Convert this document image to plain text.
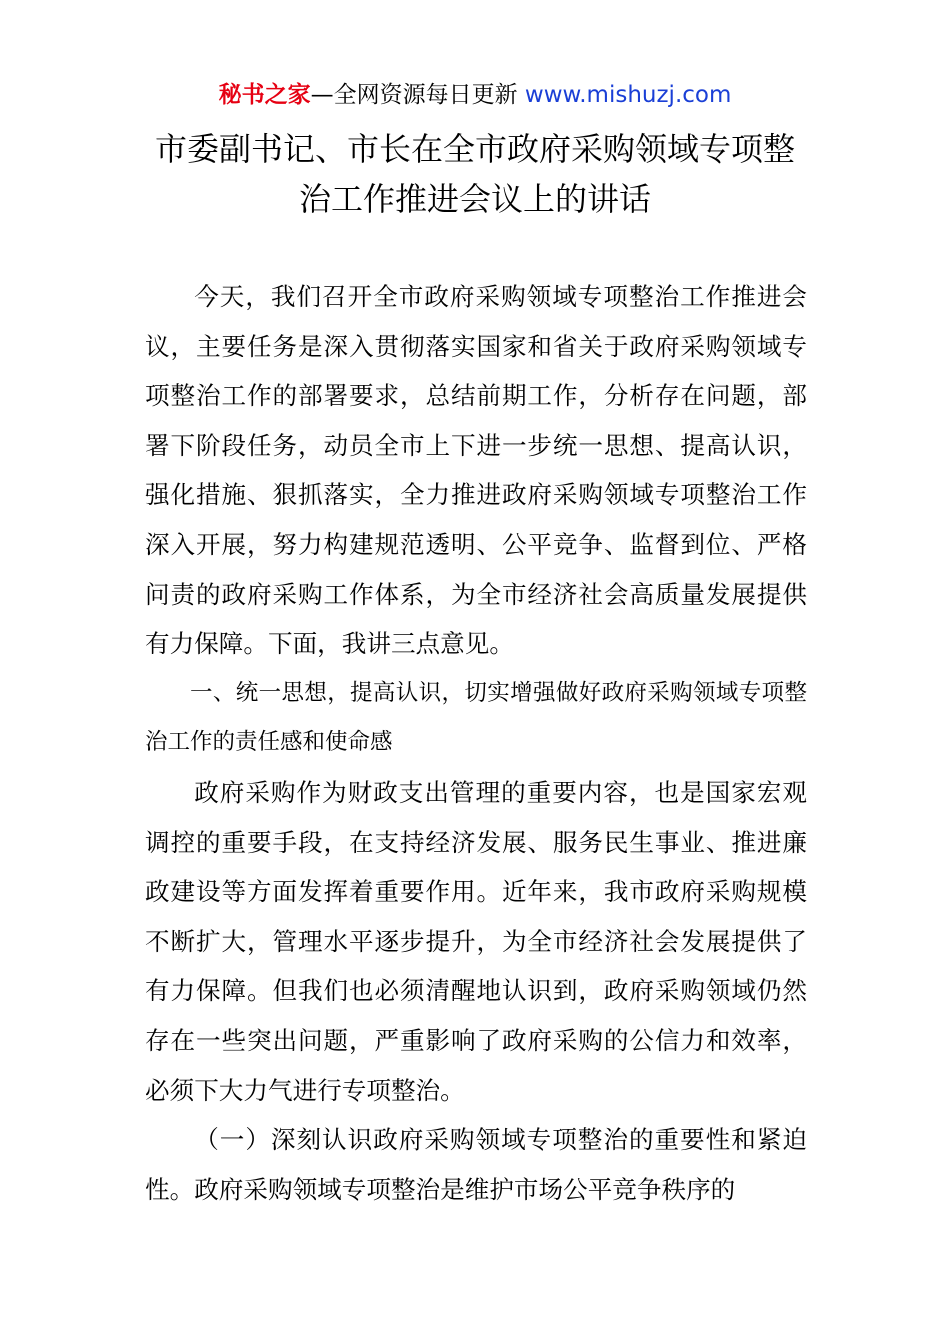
秘书之家—全网资源每日更新 www.mishuzj.com
市委副书记、市长在全市政府采购领域专项整
治工作推进会议上的讲话

今天，我们召开全市政府采购领域专项整治工作推进会议，主要任务是深入贯彻落实国家和省关于政府采购领域专项整治工作的部署要求，总结前期工作，分析存在问题，部署下阶段任务，动员全市上下进一步统一思想、提高认识，强化措施、狠抓落实，全力推进政府采购领域专项整治工作深入开展，努力构建规范透明、公平竞争、监督到位、严格问责的政府采购工作体系，为全市经济社会高质量发展提供有力保障。下面，我讲三点意见。

一、统一思想，提高认识，切实增强做好政府采购领域专项整治工作的责任感和使命感

政府采购作为财政支出管理的重要内容，也是国家宏观调控的重要手段，在支持经济发展、服务民生事业、推进廉政建设等方面发挥着重要作用。近年来，我市政府采购规模不断扩大，管理水平逐步提升，为全市经济社会发展提供了有力保障。但我们也必须清醒地认识到，政府采购领域仍然存在一些突出问题，严重影响了政府采购的公信力和效率，必须下大力气进行专项整治。

（一）深刻认识政府采购领域专项整治的重要性和紧迫性。政府采购领域专项整治是维护市场公平竞争秩序的
